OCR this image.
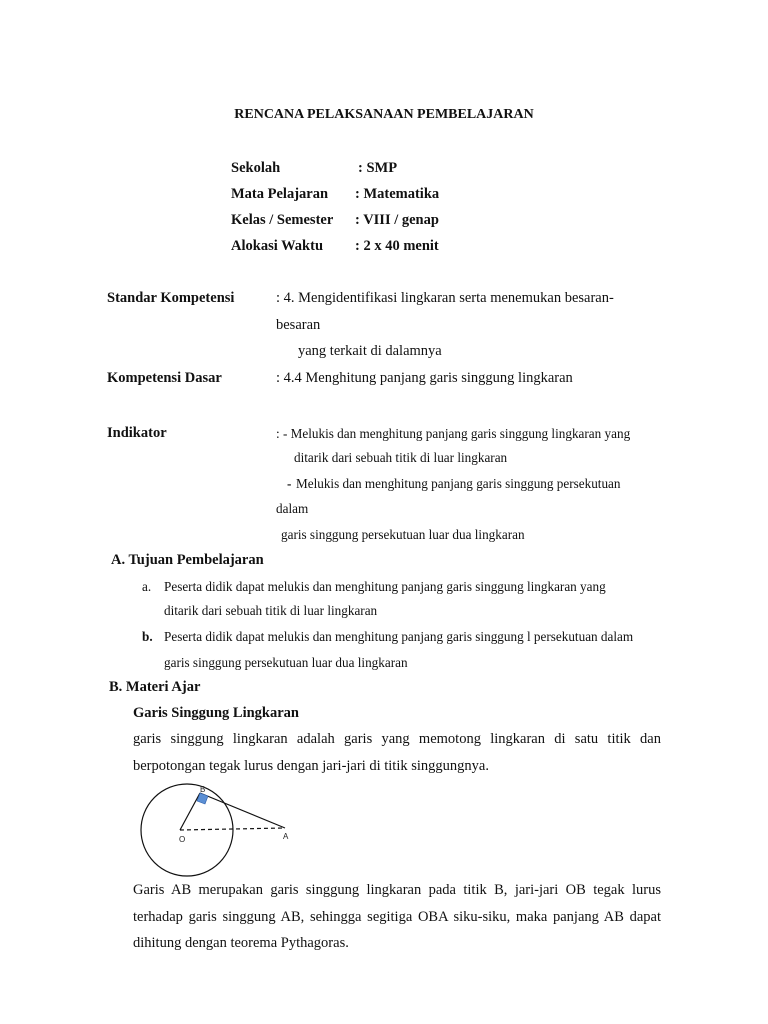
RENCANA PELAKSANAAN PEMBELAJARAN
Sekolah	: SMP
Mata Pelajaran : Matematika
Kelas / Semester : VIII / genap
Alokasi Waktu : 2 x 40 menit
Standar Kompetensi	: 4. Mengidentifikasi lingkaran serta menemukan besaran-
besaran
yang terkait di dalamnya
Kompetensi Dasar	: 4.4 Menghitung panjang garis singgung lingkaran
Indikator	: - Melukis dan menghitung panjang garis singgung lingkaran yang
ditarik dari sebuah titik di luar lingkaran
- Melukis dan menghitung panjang garis singgung persekutuan
dalam
garis singgung persekutuan luar dua lingkaran
A. Tujuan Pembelajaran
a. Peserta didik dapat melukis dan menghitung panjang garis singgung lingkaran yang
ditarik dari sebuah titik di luar lingkaran
b. Peserta didik dapat melukis dan menghitung panjang garis singgung l persekutuan dalam
garis singgung persekutuan luar dua lingkaran
B. Materi Ajar
Garis Singgung Lingkaran
garis singgung lingkaran adalah garis yang memotong lingkaran di satu titik dan
berpotongan tegak lurus dengan jari-jari di titik singgungnya.
B
O	A
Garis AB merupakan garis singgung lingkaran pada titik B, jari-jari OB tegak lurus
terhadap garis singgung AB, sehingga segitiga OBA siku-siku, maka panjang AB dapat
dihitung dengan teorema Pythagoras.
